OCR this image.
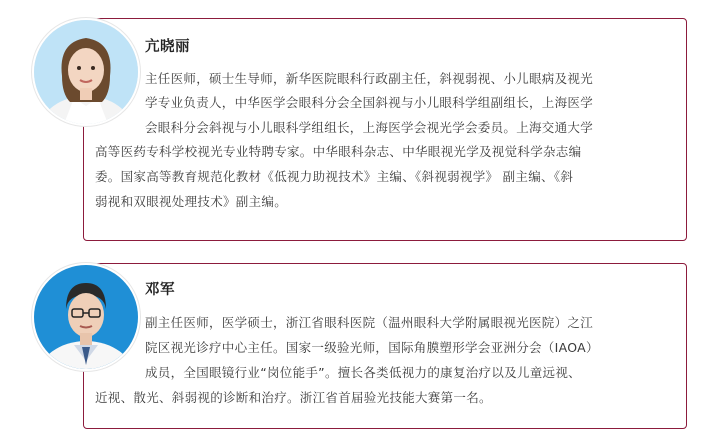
亢晓丽
主任医师，硕士生导师，新华医院眼科行政副主任，斜视弱视、小儿眼病及视光
学专业负责人，中华医学会眼科分会全国斜视与小儿眼科学组副组长，上海医学
会眼科分会斜视与小儿眼科学组组长，上海医学会视光学会委员。上海交通大学
高等医药专科学校视光专业特聘专家。中华眼科杂志、中华眼视光学及视觉科学杂志编
委。国家高等教育规范化教材《低视力助视技术》主编、《斜视弱视学》 副主编、《斜
弱视和双眼视处理技术》副主编。
邓军
副主任医师，医学硕士，浙江省眼科医院（温州眼科大学附属眼视光医院）之江
院区视光诊疗中心主任。国家一级验光师，国际角膜塑形学会亚洲分会（IAOA）
成员，全国眼镜行业“岗位能手”。擅长各类低视力的康复治疗以及儿童远视、
近视、散光、斜弱视的诊断和治疗。浙江省首届验光技能大赛第一名。
